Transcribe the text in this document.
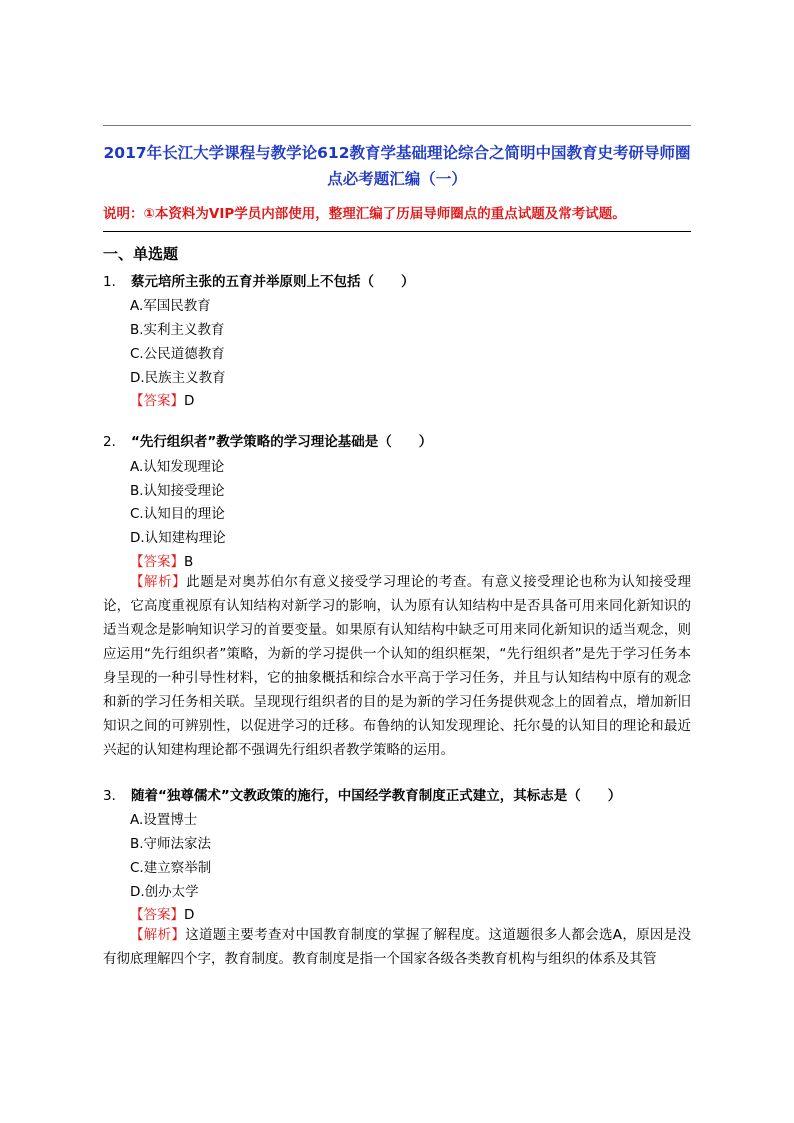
2017年长江大学课程与教学论612教育学基础理论综合之简明中国教育史考研导师圈点必考题汇编（一）
说明：①本资料为VIP学员内部使用，整理汇编了历届导师圈点的重点试题及常考试题。
一、单选题
1． 蔡元培所主张的五育并举原则上不包括（　　）
A.军国民教育
B.实利主义教育
C.公民道德教育
D.民族主义教育
【答案】D
2． “先行组织者”教学策略的学习理论基础是（　　）
A.认知发现理论
B.认知接受理论
C.认知目的理论
D.认知建构理论
【答案】B

【解析】此题是对奥苏伯尔有意义接受学习理论的考查。有意义接受理论也称为认知接受理论，它高度重视原有认知结构对新学习的影响，认为原有认知结构中是否具备可用来同化新知识的适当观念是影响知识学习的首要变量。如果原有认知结构中缺乏可用来同化新知识的适当观念，则应运用“先行组织者”策略，为新的学习提供一个认知的组织框架，“先行组织者”是先于学习任务本身呈现的一种引导性材料，它的抽象概括和综合水平高于学习任务，并且与认知结构中原有的观念和新的学习任务相关联。呈现现行组织者的目的是为新的学习任务提供观念上的固着点，增加新旧知识之间的可辨别性，以促进学习的迁移。布鲁纳的认知发现理论、托尔曼的认知目的理论和最近兴起的认知建构理论都不强调先行组织者教学策略的运用。

3． 随着“独尊儒术”文教政策的施行，中国经学教育制度正式建立，其标志是（　　）
A.设置博士
B.守师法家法
C.建立察举制
D.创办太学
【答案】D

【解析】这道题主要考查对中国教育制度的掌握了解程度。这道题很多人都会选A，原因是没有彻底理解四个字，教育制度。教育制度是指一个国家各级各类教育机构与组织的体系及其管
